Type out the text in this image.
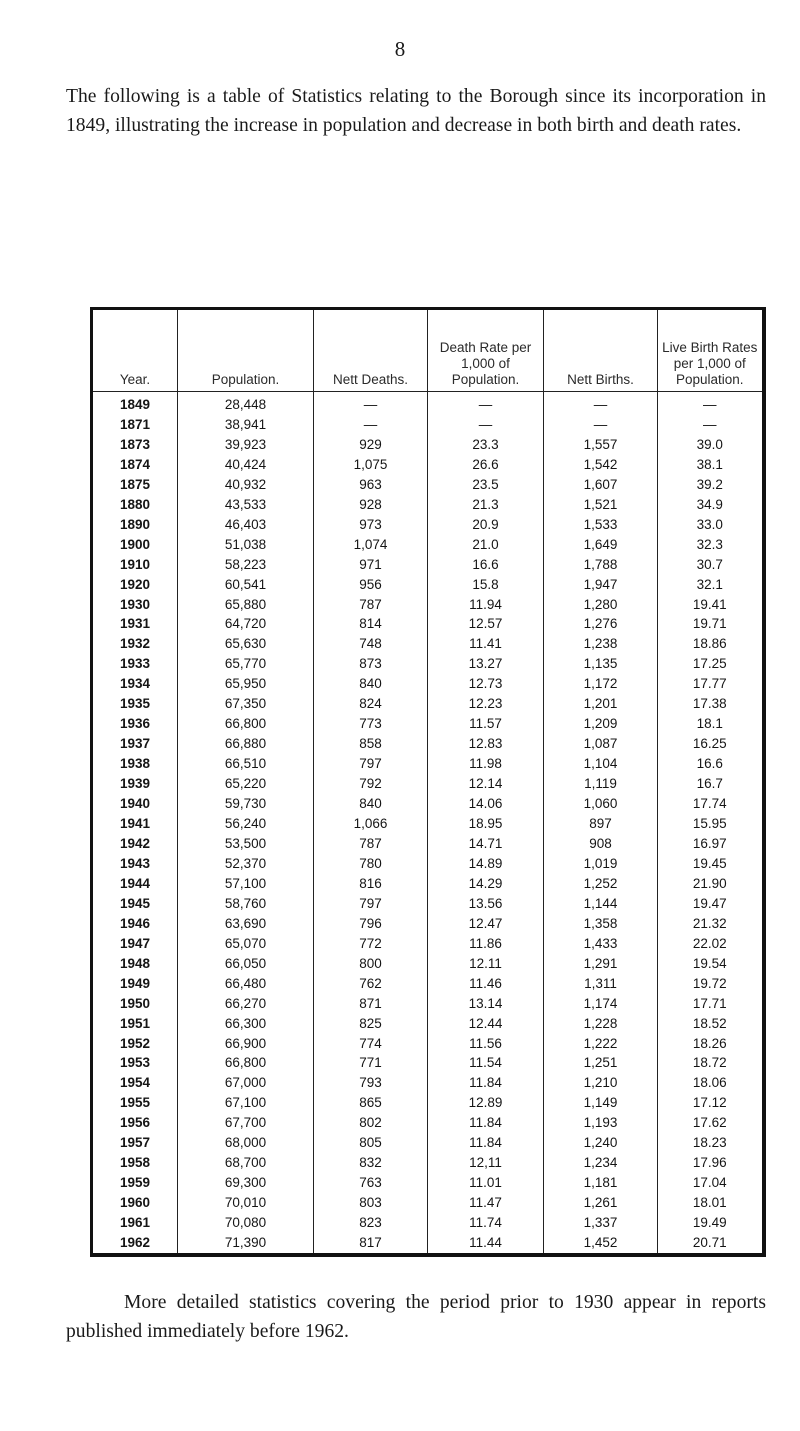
8

The following is a table of Statistics relating to the Borough since its incorporation in 1849, illustrating the increase in population and decrease in both birth and death rates.

Year.	Population.	Nett Deaths.	Death Rate per 1,000 of Population.	Nett Births.	Live Birth Rates per 1,000 of Population.
1849	28,448	—	—	—	—
1871	38,941	—	—	—	—
1873	39,923	929	23.3	1,557	39.0
1874	40,424	1,075	26.6	1,542	38.1
1875	40,932	963	23.5	1,607	39.2
1880	43,533	928	21.3	1,521	34.9
1890	46,403	973	20.9	1,533	33.0
1900	51,038	1,074	21.0	1,649	32.3
1910	58,223	971	16.6	1,788	30.7
1920	60,541	956	15.8	1,947	32.1
1930	65,880	787	11.94	1,280	19.41
1931	64,720	814	12.57	1,276	19.71
1932	65,630	748	11.41	1,238	18.86
1933	65,770	873	13.27	1,135	17.25
1934	65,950	840	12.73	1,172	17.77
1935	67,350	824	12.23	1,201	17.38
1936	66,800	773	11.57	1,209	18.1
1937	66,880	858	12.83	1,087	16.25
1938	66,510	797	11.98	1,104	16.6
1939	65,220	792	12.14	1,119	16.7
1940	59,730	840	14.06	1,060	17.74
1941	56,240	1,066	18.95	897	15.95
1942	53,500	787	14.71	908	16.97
1943	52,370	780	14.89	1,019	19.45
1944	57,100	816	14.29	1,252	21.90
1945	58,760	797	13.56	1,144	19.47
1946	63,690	796	12.47	1,358	21.32
1947	65,070	772	11.86	1,433	22.02
1948	66,050	800	12.11	1,291	19.54
1949	66,480	762	11.46	1,311	19.72
1950	66,270	871	13.14	1,174	17.71
1951	66,300	825	12.44	1,228	18.52
1952	66,900	774	11.56	1,222	18.26
1953	66,800	771	11.54	1,251	18.72
1954	67,000	793	11.84	1,210	18.06
1955	67,100	865	12.89	1,149	17.12
1956	67,700	802	11.84	1,193	17.62
1957	68,000	805	11.84	1,240	18.23
1958	68,700	832	12,11	1,234	17.96
1959	69,300	763	11.01	1,181	17.04
1960	70,010	803	11.47	1,261	18.01
1961	70,080	823	11.74	1,337	19.49
1962	71,390	817	11.44	1,452	20.71

More detailed statistics covering the period prior to 1930 appear in reports published immediately before 1962.
